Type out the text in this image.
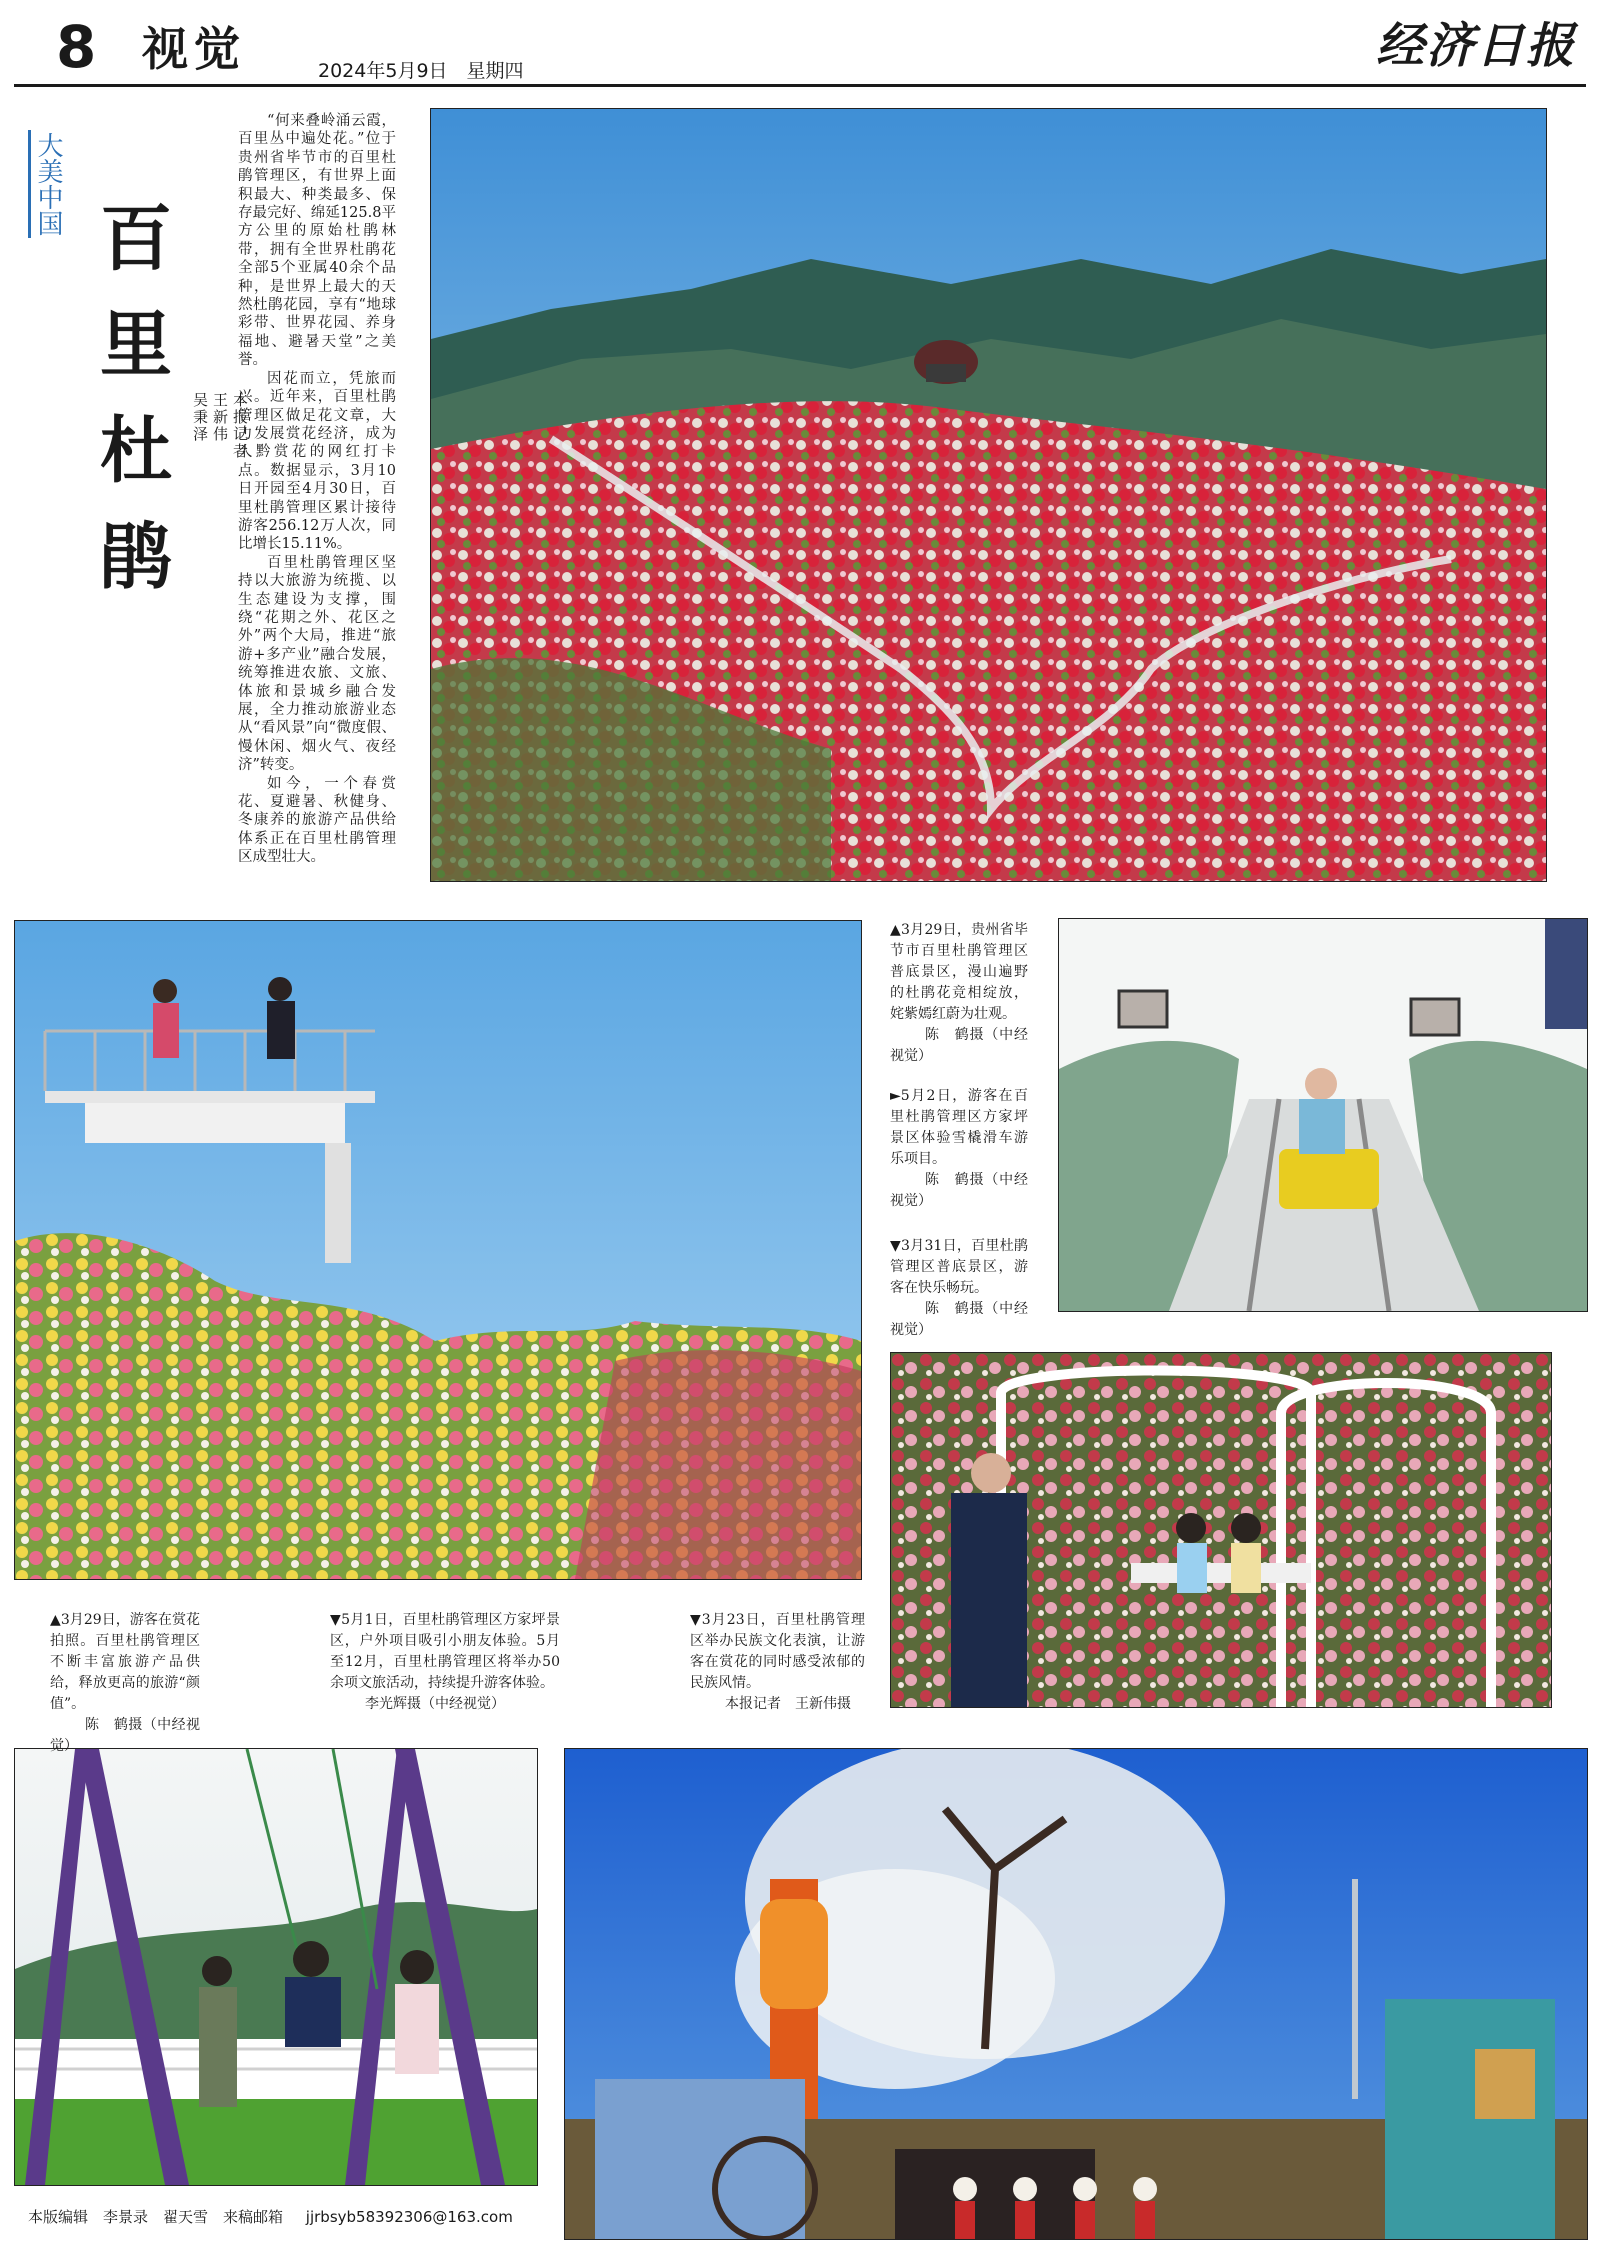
8 视觉	2024年5月9日　星期四	经济日报
大美中国
百里杜鹃	本报记者
王新伟
吴秉泽

“何来叠岭涌云霞，百里丛中遍处花。”位于贵州省毕节市的百里杜鹃管理区，有世界上面积最大、种类最多、保存最完好、绵延125.8平方公里的原始杜鹃林带，拥有全世界杜鹃花全部5个亚属40余个品种，是世界上最大的天然杜鹃花园，享有“地球彩带、世界花园、养身福地、避暑天堂”之美誉。

因花而立，凭旅而兴。近年来，百里杜鹃管理区做足花文章，大力发展赏花经济，成为人黔赏花的网红打卡点。数据显示，3月10日开园至4月30日，百里杜鹃管理区累计接待游客256.12万人次，同比增长15.11%。

百里杜鹃管理区坚持以大旅游为统揽、以生态建设为支撑，围绕“花期之外、花区之外”两个大局，推进“旅游+多产业”融合发展，统筹推进农旅、文旅、体旅和景城乡融合发展，全力推动旅游业态从“看风景”向“微度假、慢休闲、烟火气、夜经济”转变。

如今，一个春赏花、夏避暑、秋健身、冬康养的旅游产品供给体系正在百里杜鹃管理区成型壮大。

▲3月29日，贵州省毕节市百里杜鹃管理区普底景区，漫山遍野的杜鹃花竞相绽放，姹紫嫣红蔚为壮观。
陈　鹤摄（中经视觉）
►5月2日，游客在百里杜鹃管理区方家坪景区体验雪橇滑车游乐项目。
陈　鹤摄（中经视觉）
▼3月31日，百里杜鹃管理区普底景区，游客在快乐畅玩。
陈　鹤摄（中经视觉）
▲3月29日，游客在赏花拍照。百里杜鹃管理区不断丰富旅游产品供给，释放更高的旅游“颜值”。
陈　鹤摄（中经视觉）
▼5月1日，百里杜鹃管理区方家坪景区，户外项目吸引小朋友体验。5月至12月，百里杜鹃管理区将举办50余项文旅活动，持续提升游客体验。
李光辉摄（中经视觉）
▼3月23日，百里杜鹃管理区举办民族文化表演，让游客在赏花的同时感受浓郁的民族风情。
本报记者　王新伟摄
本版编辑　李景录　翟天雪　来稿邮箱 jjrbsyb58392306@163.com
